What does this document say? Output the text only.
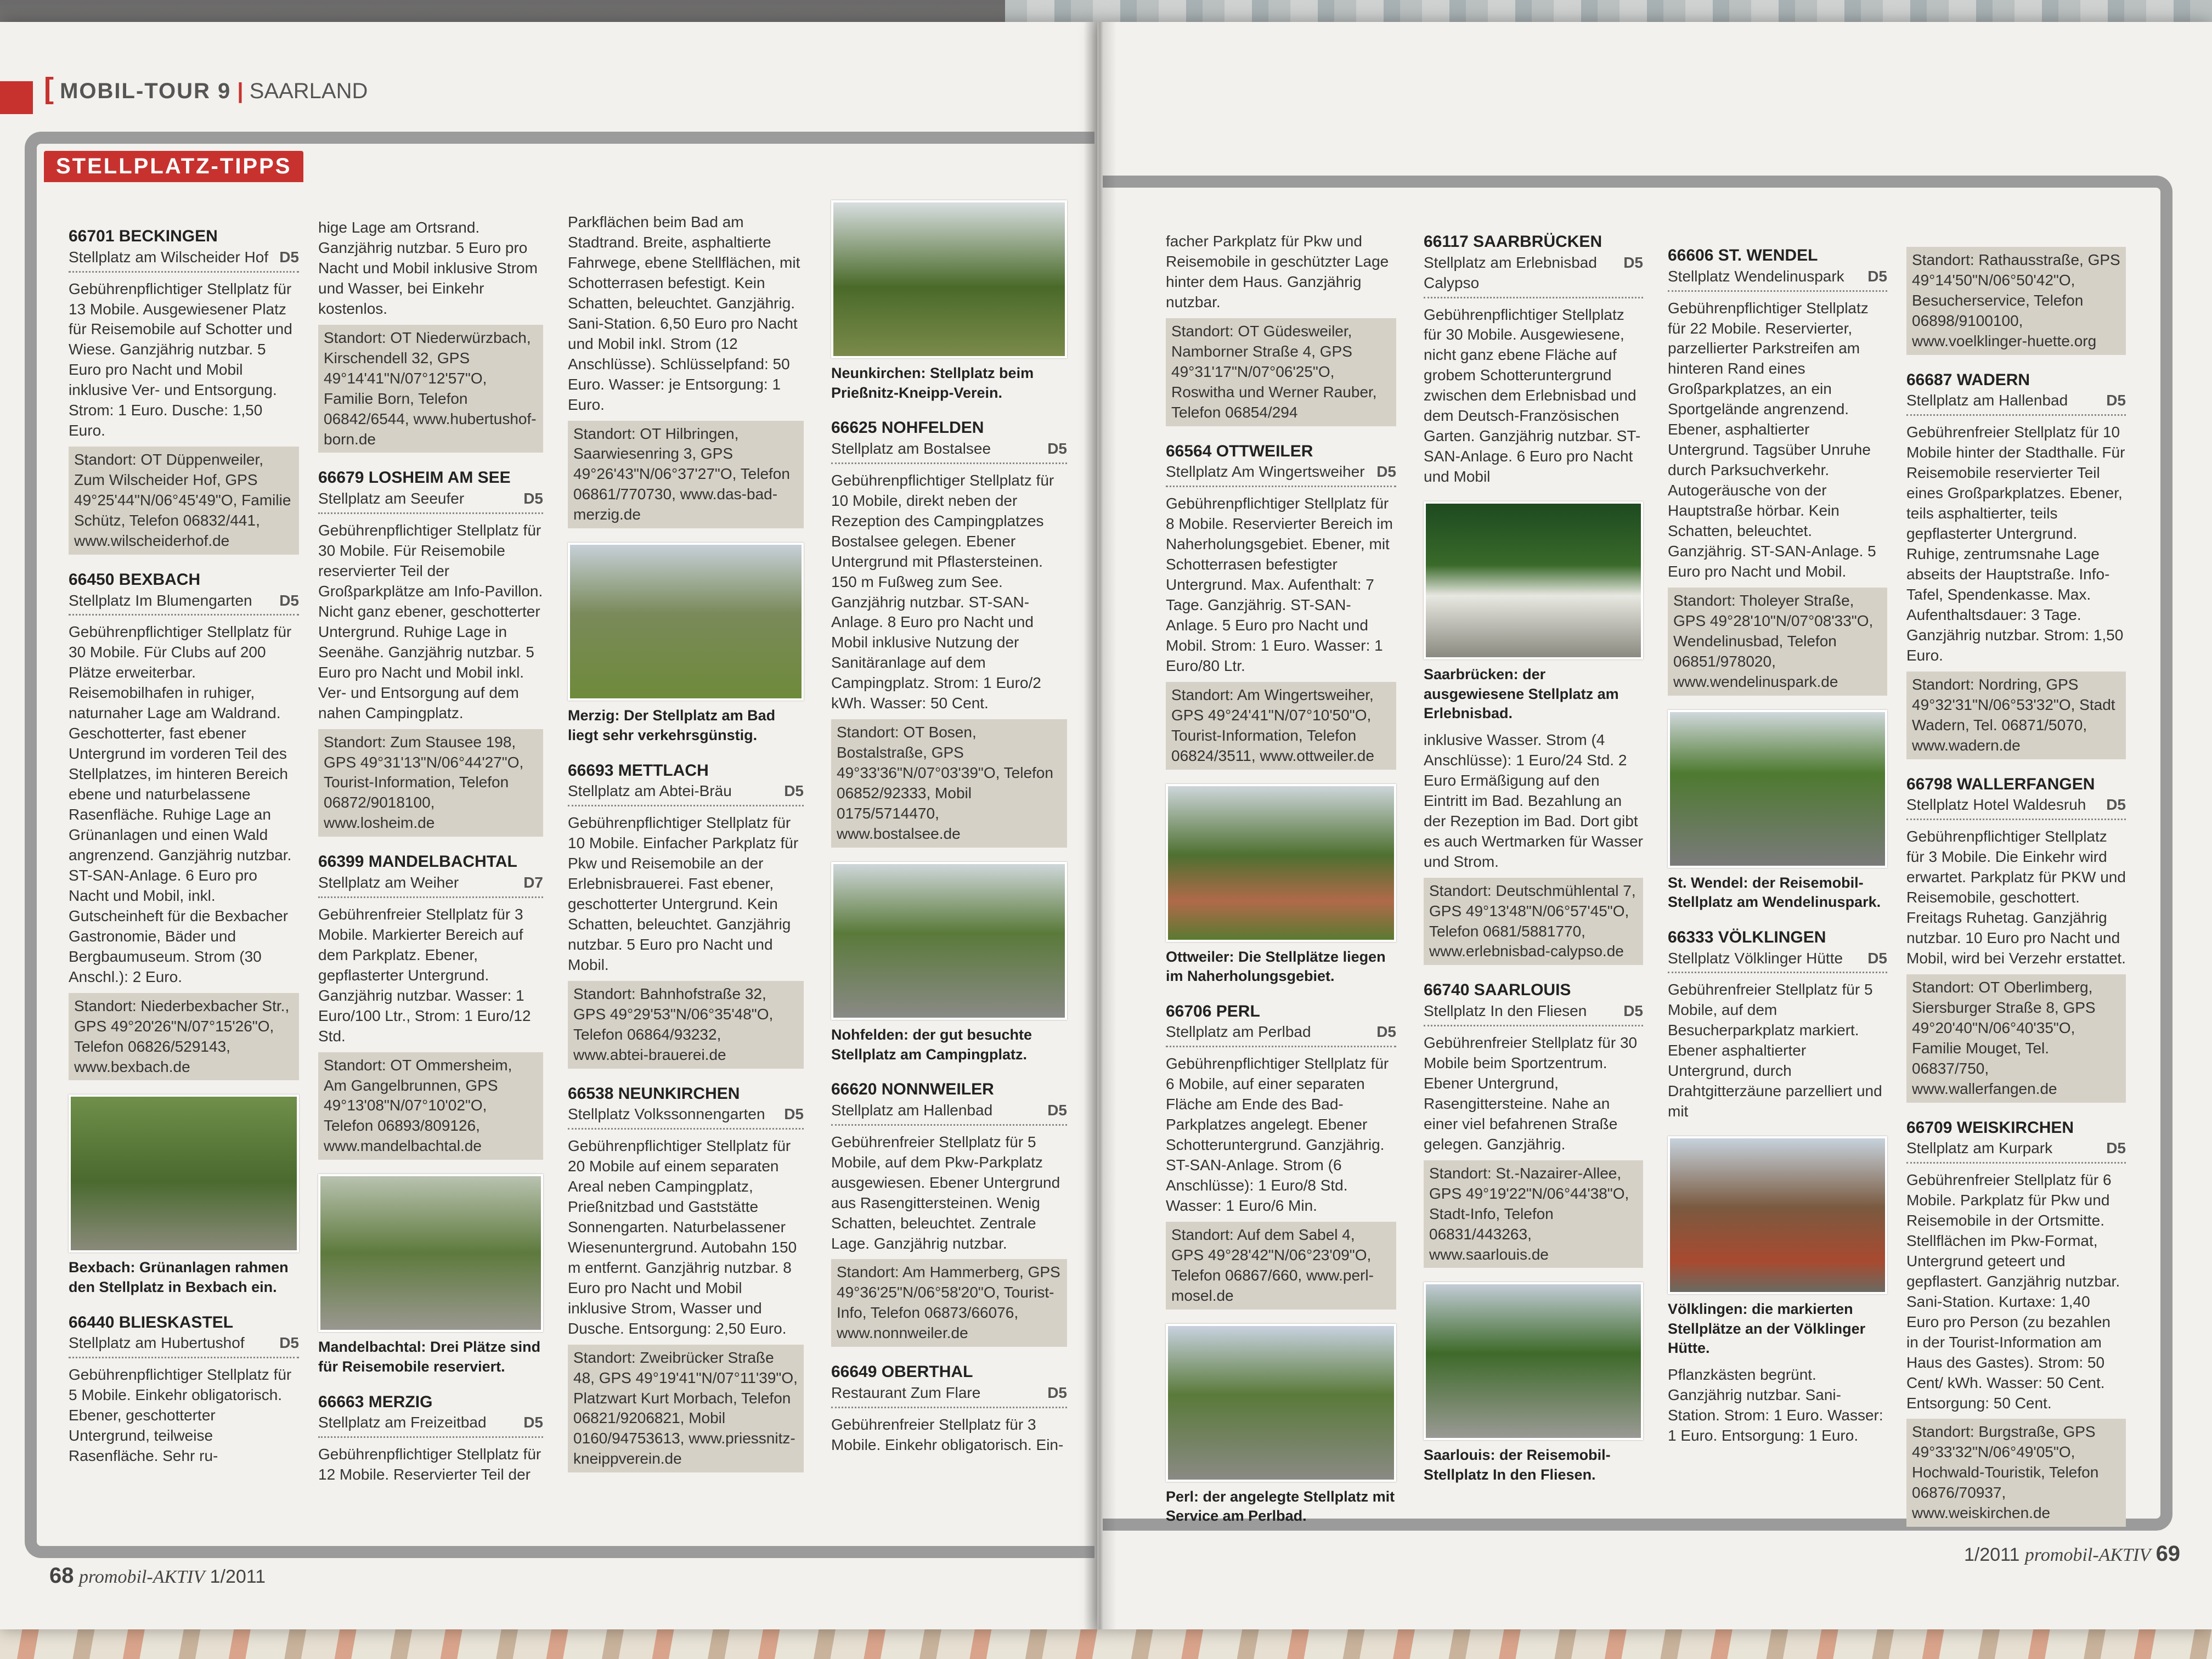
[ MOBIL-TOUR 9 | SAARLAND
STELLPLATZ-TIPPS
66701 BECKINGEN
Stellplatz am Wilscheider Hof D5
Gebührenpflichtiger Stellplatz für 13 Mobile. Ausgewiesener Platz für Reisemobile auf Schotter und Wiese. Ganzjährig nutzbar. 5 Euro pro Nacht und Mobil inklusive Ver- und Entsorgung. Strom: 1 Euro. Dusche: 1,50 Euro.
Standort: OT Düppenweiler, Zum Wilscheider Hof, GPS 49°25'44"N/06°45'49"O, Familie Schütz, Telefon 06832/441, www.wilscheiderhof.de
66450 BEXBACH
Stellplatz Im Blumengarten D5
Gebührenpflichtiger Stellplatz für 30 Mobile. Für Clubs auf 200 Plätze erweiterbar. Reisemobilhafen in ruhiger, naturnaher Lage am Waldrand. Geschotterter, fast ebener Untergrund im vorderen Teil des Stellplatzes, im hinteren Bereich ebene und naturbelassene Rasenfläche. Ruhige Lage an Grünanlagen und einen Wald angrenzend. Ganzjährig nutzbar. ST-SAN-Anlage. 6 Euro pro Nacht und Mobil, inkl. Gutscheinheft für die Bexbacher Gastronomie, Bäder und Bergbaumuseum. Strom (30 Anschl.): 2 Euro.
Standort: Niederbexbacher Str., GPS 49°20'26"N/07°15'26"O, Telefon 06826/529143, www.bexbach.de
Bexbach: Grünanlagen rahmen den Stellplatz in Bexbach ein.
66440 BLIESKASTEL
Stellplatz am Hubertushof D5
Gebührenpflichtiger Stellplatz für 5 Mobile. Einkehr obligatorisch. Ebener, geschotterter Untergrund, teilweise Rasenfläche. Sehr ru-
hige Lage am Ortsrand. Ganzjährig nutzbar. 5 Euro pro Nacht und Mobil inklusive Strom und Wasser, bei Einkehr kostenlos.
Standort: OT Niederwürzbach, Kirschendell 32, GPS 49°14'41"N/07°12'57"O, Familie Born, Telefon 06842/6544, www.hubertushof-born.de
66679 LOSHEIM AM SEE
Stellplatz am Seeufer	D5
Gebührenpflichtiger Stellplatz für 30 Mobile. Für Reisemobile reservierter Teil der Großparkplätze am Info-Pavillon. Nicht ganz ebener, geschotterter Untergrund. Ruhige Lage in Seenähe. Ganzjährig nutzbar. 5 Euro pro Nacht und Mobil inkl. Ver- und Entsorgung auf dem nahen Campingplatz.
Standort: Zum Stausee 198, GPS 49°31'13"N/06°44'27"O, Tourist-Information, Telefon 06872/9018100, www.losheim.de
66399 MANDELBACHTAL
Stellplatz am Weiher	D7
Gebührenfreier Stellplatz für 3 Mobile. Markierter Bereich auf dem Parkplatz. Ebener, gepflasterter Untergrund. Ganzjährig nutzbar. Wasser: 1 Euro/100 Ltr., Strom: 1 Euro/12 Std.
Standort: OT Ommersheim, Am Gangelbrunnen, GPS 49°13'08"N/07°10'02"O, Telefon 06893/809126, www.mandelbachtal.de
Mandelbachtal: Drei Plätze sind für Reisemobile reserviert.
66663 MERZIG
Stellplatz am Freizeitbad D5
Gebührenpflichtiger Stellplatz für 12 Mobile. Reservierter Teil der
Parkflächen beim Bad am Stadtrand. Breite, asphaltierte Fahrwege, ebene Stellflächen, mit Schotterrasen befestigt. Kein Schatten, beleuchtet. Ganzjährig. Sani-Station. 6,50 Euro pro Nacht und Mobil inkl. Strom (12 Anschlüsse). Schlüsselpfand: 50 Euro. Wasser: je Entsorgung: 1 Euro.
Standort: OT Hilbringen, Saarwiesenring 3, GPS 49°26'43"N/06°37'27"O, Telefon 06861/770730, www.das-bad-merzig.de
Merzig: Der Stellplatz am Bad liegt sehr verkehrsgünstig.
66693 METTLACH
Stellplatz am Abtei-Bräu	D5
Gebührenpflichtiger Stellplatz für 10 Mobile. Einfacher Parkplatz für Pkw und Reisemobile an der Erlebnisbrauerei. Fast ebener, geschotterter Untergrund. Kein Schatten, beleuchtet. Ganzjährig nutzbar. 5 Euro pro Nacht und Mobil.
Standort: Bahnhofstraße 32, GPS 49°29'53"N/06°35'48"O, Telefon 06864/93232, www.abtei-brauerei.de
66538 NEUNKIRCHEN
Stellplatz Volkssonnengarten D5
Gebührenpflichtiger Stellplatz für 20 Mobile auf einem separaten Areal neben Campingplatz, Prießnitzbad und Gaststätte Sonnengarten. Naturbelassener Wiesenuntergrund. Autobahn 150 m entfernt. Ganzjährig nutzbar. 8 Euro pro Nacht und Mobil inklusive Strom, Wasser und Dusche. Entsorgung: 2,50 Euro.
Standort: Zweibrücker Straße 48, GPS 49°19'41"N/07°11'39"O, Platzwart Kurt Morbach, Telefon 06821/9206821, Mobil 0160/94753613, www.priessnitz-kneippverein.de
Neunkirchen: Stellplatz beim Prießnitz-Kneipp-Verein.
66625 NOHFELDEN
Stellplatz am Bostalsee	D5
Gebührenpflichtiger Stellplatz für 10 Mobile, direkt neben der Rezeption des Campingplatzes Bostalsee gelegen. Ebener Untergrund mit Pflastersteinen. 150 m Fußweg zum See. Ganzjährig nutzbar. ST-SAN-Anlage. 8 Euro pro Nacht und Mobil inklusive Nutzung der Sanitäranlage auf dem Campingplatz. Strom: 1 Euro/2 kWh. Wasser: 50 Cent.
Standort: OT Bosen, Bostalstraße, GPS 49°33'36"N/07°03'39"O, Telefon 06852/92333, Mobil 0175/5714470, www.bostalsee.de
Nohfelden: der gut besuchte Stellplatz am Campingplatz.
66620 NONNWEILER
Stellplatz am Hallenbad	D5
Gebührenfreier Stellplatz für 5 Mobile, auf dem Pkw-Parkplatz ausgewiesen. Ebener Untergrund aus Rasengittersteinen. Wenig Schatten, beleuchtet. Zentrale Lage. Ganzjährig nutzbar.
Standort: Am Hammerberg, GPS 49°36'25"N/06°58'20"O, Tourist-Info, Telefon 06873/66076, www.nonnweiler.de
66649 OBERTHAL
Restaurant Zum Flare	D5
Gebührenfreier Stellplatz für 3 Mobile. Einkehr obligatorisch. Ein-
facher Parkplatz für Pkw und Reisemobile in geschützter Lage hinter dem Haus. Ganzjährig nutzbar.
Standort: OT Güdesweiler, Namborner Straße 4, GPS 49°31'17"N/07°06'25"O, Roswitha und Werner Rauber, Telefon 06854/294
66564 OTTWEILER
Stellplatz Am Wingertsweiher D5
Gebührenpflichtiger Stellplatz für 8 Mobile. Reservierter Bereich im Naherholungsgebiet. Ebener, mit Schotterrasen befestigter Untergrund. Max. Aufenthalt: 7 Tage. Ganzjährig. ST-SAN-Anlage. 5 Euro pro Nacht und Mobil. Strom: 1 Euro. Wasser: 1 Euro/80 Ltr.
Standort: Am Wingertsweiher, GPS 49°24'41"N/07°10'50"O, Tourist-Information, Telefon 06824/3511, www.ottweiler.de
Ottweiler: Die Stellplätze liegen im Naherholungsgebiet.
66706 PERL
Stellplatz am Perlbad	D5
Gebührenpflichtiger Stellplatz für 6 Mobile, auf einer separaten Fläche am Ende des Bad-Parkplatzes angelegt. Ebener Schotteruntergrund. Ganzjährig. ST-SAN-Anlage. Strom (6 Anschlüsse): 1 Euro/8 Std. Wasser: 1 Euro/6 Min.
Standort: Auf dem Sabel 4, GPS 49°28'42"N/06°23'09"O, Telefon 06867/660, www.perl-mosel.de
Perl: der angelegte Stellplatz mit Service am Perlbad.
66117 SAARBRÜCKEN
Stellplatz am Erlebnisbad Calypso
D5
Gebührenpflichtiger Stellplatz für 30 Mobile. Ausgewiesene, nicht ganz ebene Fläche auf grobem Schotteruntergrund zwischen dem Erlebnisbad und dem Deutsch-Französischen Garten. Ganzjährig nutzbar. ST-SAN-Anlage. 6 Euro pro Nacht und Mobil
Saarbrücken: der ausgewiesene Stellplatz am Erlebnisbad.
inklusive Wasser. Strom (4 Anschlüsse): 1 Euro/24 Std. 2 Euro Ermäßigung auf den Eintritt im Bad. Bezahlung an der Rezeption im Bad. Dort gibt es auch Wertmarken für Wasser und Strom.
Standort: Deutschmühlental 7, GPS 49°13'48"N/06°57'45"O, Telefon 0681/5881770, www.erlebnisbad-calypso.de
66740 SAARLOUIS
Stellplatz In den Fliesen D5
Gebührenfreier Stellplatz für 30 Mobile beim Sportzentrum. Ebener Untergrund, Rasengittersteine. Nahe an einer viel befahrenen Straße gelegen. Ganzjährig.
Standort: St.-Nazairer-Allee, GPS 49°19'22"N/06°44'38"O, Stadt-Info, Telefon 06831/443263, www.saarlouis.de
Saarlouis: der Reisemobil-Stellplatz In den Fliesen.
66606 ST. WENDEL
Stellplatz Wendelinuspark D5
Gebührenpflichtiger Stellplatz für 22 Mobile. Reservierter, parzellierter Parkstreifen am hinteren Rand eines Großparkplatzes, an ein Sportgelände angrenzend. Ebener, asphaltierter Untergrund. Tagsüber Unruhe durch Parksuchverkehr. Autogeräusche von der Hauptstraße hörbar. Kein Schatten, beleuchtet. Ganzjährig. ST-SAN-Anlage. 5 Euro pro Nacht und Mobil.
Standort: Tholeyer Straße, GPS 49°28'10"N/07°08'33"O, Wendelinusbad, Telefon 06851/978020, www.wendelinuspark.de
St. Wendel: der Reisemobil-Stellplatz am Wendelinuspark.
66333 VÖLKLINGEN
Stellplatz Völklinger Hütte D5
Gebührenfreier Stellplatz für 5 Mobile, auf dem Besucherparkplatz markiert. Ebener asphaltierter Untergrund, durch Drahtgitterzäune parzelliert und mit
Völklingen: die markierten Stellplätze an der Völklinger Hütte.
Pflanzkästen begrünt. Ganzjährig nutzbar. Sani-Station. Strom: 1 Euro. Wasser: 1 Euro. Entsorgung: 1 Euro.
Standort: Rathausstraße, GPS 49°14'50"N/06°50'42"O, Besucherservice, Telefon 06898/9100100, www.voelklinger-huette.org
66687 WADERN
Stellplatz am Hallenbad	D5
Gebührenfreier Stellplatz für 10 Mobile hinter der Stadthalle. Für Reisemobile reservierter Teil eines Großparkplatzes. Ebener, teils asphaltierter, teils gepflasterter Untergrund. Ruhige, zentrumsnahe Lage abseits der Hauptstraße. Info-Tafel, Spendenkasse. Max. Aufenthaltsdauer: 3 Tage. Ganzjährig nutzbar. Strom: 1,50 Euro.
Standort: Nordring, GPS 49°32'31"N/06°53'32"O, Stadt Wadern, Tel. 06871/5070, www.wadern.de
66798 WALLERFANGEN
Stellplatz Hotel Waldesruh D5
Gebührenpflichtiger Stellplatz für 3 Mobile. Die Einkehr wird erwartet. Parkplatz für PKW und Reisemobile, geschottert. Freitags Ruhetag. Ganzjährig nutzbar. 10 Euro pro Nacht und Mobil, wird bei Verzehr erstattet.
Standort: OT Oberlimberg, Siersburger Straße 8, GPS 49°20'40"N/06°40'35"O, Familie Mouget, Tel. 06837/750, www.wallerfangen.de
66709 WEISKIRCHEN
Stellplatz am Kurpark	D5
Gebührenfreier Stellplatz für 6 Mobile. Parkplatz für Pkw und Reisemobile in der Ortsmitte. Stellflächen im Pkw-Format, Untergrund geteert und gepflastert. Ganzjährig nutzbar. Sani-Station. Kurtaxe: 1,40 Euro pro Person (zu bezahlen in der Tourist-Information am Haus des Gastes). Strom: 50 Cent/ kWh. Wasser: 50 Cent. Entsorgung: 50 Cent.
Standort: Burgstraße, GPS 49°33'32"N/06°49'05"O, Hochwald-Touristik, Telefon 06876/70937, www.weiskirchen.de
68 promobil-AKTIV 1/2011
1/2011 promobil-AKTIV 69
